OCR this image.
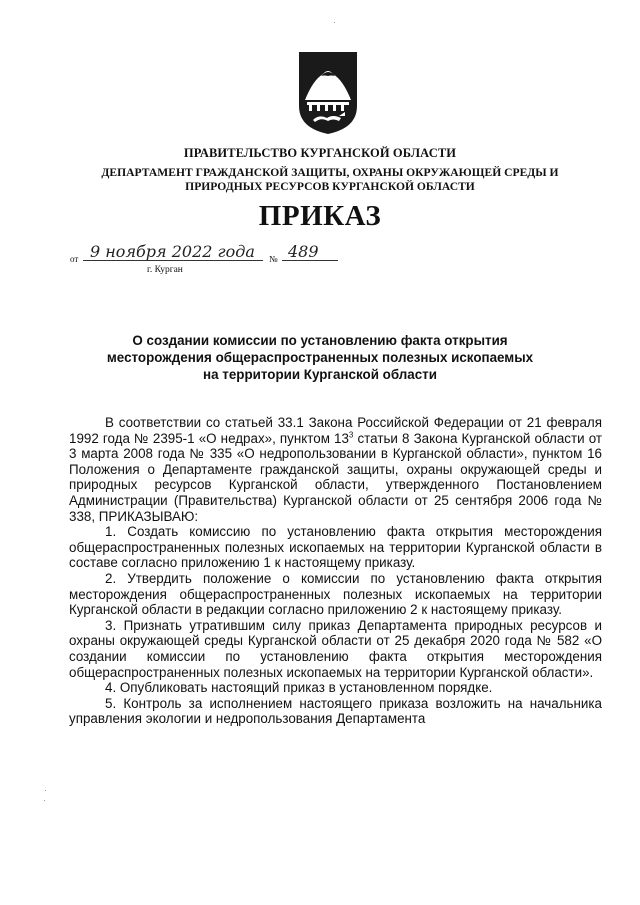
ПРАВИТЕЛЬСТВО КУРГАНСКОЙ ОБЛАСТИ
ДЕПАРТАМЕНТ ГРАЖДАНСКОЙ ЗАЩИТЫ, ОХРАНЫ ОКРУЖАЮЩЕЙ СРЕДЫ И
ПРИРОДНЫХ РЕСУРСОВ КУРГАНСКОЙ ОБЛАСТИ
ПРИКАЗ
от 9 ноября 2022 года № 489
г. Курган
О создании комиссии по установлению факта открытия
месторождения общераспространенных полезных ископаемых
на территории Курганской области

В соответствии со статьей 33.1 Закона Российской Федерации от 21 февраля 1992 года № 2395-1 «О недрах», пунктом $13^3$ статьи 8 Закона Курганской области от 3 марта 2008 года № 335 «О недропользовании в Курганской области», пунктом 16 Положения о Департаменте гражданской защиты, охраны окружающей среды и природных ресурсов Курганской области, утвержденного Постановлением Администрации (Правительства) Курганской области от 25 сентября 2006 года № 338, ПРИКАЗЫВАЮ:

1. Создать комиссию по установлению факта открытия месторождения общераспространенных полезных ископаемых на территории Курганской области в составе согласно приложению 1 к настоящему приказу.

2. Утвердить положение о комиссии по установлению факта открытия месторождения общераспространенных полезных ископаемых на территории Курганской области в редакции согласно приложению 2 к настоящему приказу.

3. Признать утратившим силу приказ Департамента природных ресурсов и охраны окружающей среды Курганской области от 25 декабря 2020 года № 582 «О создании комиссии по установлению факта открытия месторождения общераспространенных полезных ископаемых на территории Курганской области».

4. Опубликовать настоящий приказ в установленном порядке.

5. Контроль за исполнением настоящего приказа возложить на начальника управления экологии и недропользования Департамента
